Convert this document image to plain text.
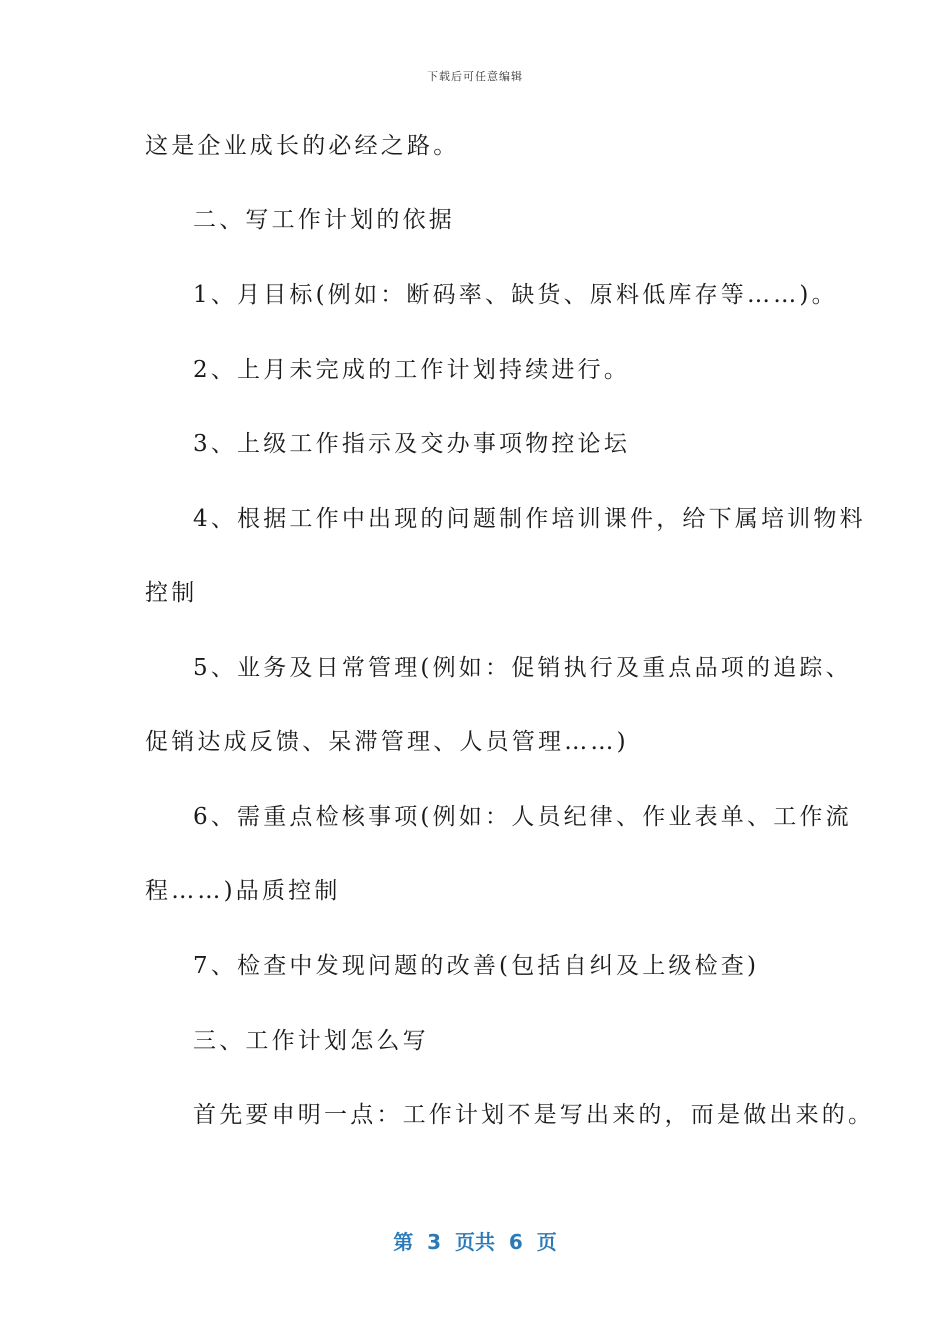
下载后可任意编辑
这是企业成长的必经之路。
二、写工作计划的依据
1、月目标(例如：断码率、缺货、原料低库存等……)。
2、上月未完成的工作计划持续进行。
3、上级工作指示及交办事项物控论坛
4、根据工作中出现的问题制作培训课件，给下属培训物料
控制
5、业务及日常管理(例如：促销执行及重点品项的追踪、
促销达成反馈、呆滞管理、人员管理……)
6、需重点检核事项(例如：人员纪律、作业表单、工作流
程……)品质控制
7、检查中发现问题的改善(包括自纠及上级检查)
三、工作计划怎么写
首先要申明一点：工作计划不是写出来的，而是做出来的。
第  3  页共  6  页
